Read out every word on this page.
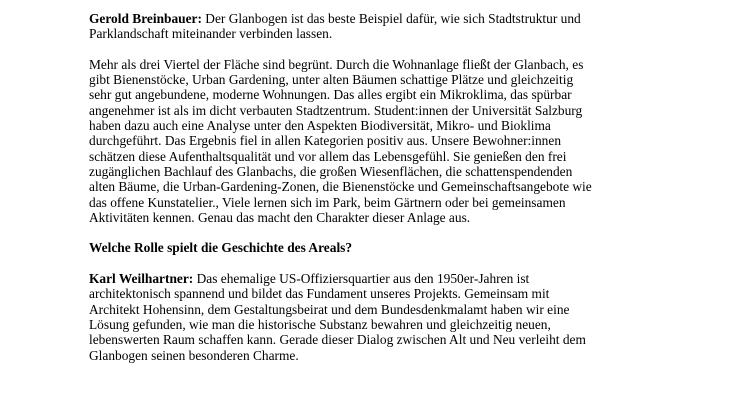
Gerold Breinbauer: Der Glanbogen ist das beste Beispiel dafür, wie sich Stadtstruktur und
Parklandschaft miteinander verbinden lassen.

Mehr als drei Viertel der Fläche sind begrünt. Durch die Wohnanlage fließt der Glanbach, es
gibt Bienenstöcke, Urban Gardening, unter alten Bäumen schattige Plätze und gleichzeitig
sehr gut angebundene, moderne Wohnungen. Das alles ergibt ein Mikroklima, das spürbar
angenehmer ist als im dicht verbauten Stadtzentrum. Student:innen der Universität Salzburg
haben dazu auch eine Analyse unter den Aspekten Biodiversität, Mikro- und Bioklima
durchgeführt. Das Ergebnis fiel in allen Kategorien positiv aus. Unsere Bewohner:innen
schätzen diese Aufenthaltsqualität und vor allem das Lebensgefühl. Sie genießen den frei
zugänglichen Bachlauf des Glanbachs, die großen Wiesenflächen, die schattenspendenden
alten Bäume, die Urban-Gardening-Zonen, die Bienenstöcke und Gemeinschaftsangebote wie
das offene Kunstatelier., Viele lernen sich im Park, beim Gärtnern oder bei gemeinsamen
Aktivitäten kennen. Genau das macht den Charakter dieser Anlage aus.

Welche Rolle spielt die Geschichte des Areals?

Karl Weilhartner: Das ehemalige US-Offiziersquartier aus den 1950er-Jahren ist
architektonisch spannend und bildet das Fundament unseres Projekts. Gemeinsam mit
Architekt Hohensinn, dem Gestaltungsbeirat und dem Bundesdenkmalamt haben wir eine
Lösung gefunden, wie man die historische Substanz bewahren und gleichzeitig neuen,
lebenswerten Raum schaffen kann. Gerade dieser Dialog zwischen Alt und Neu verleiht dem
Glanbogen seinen besonderen Charme.
